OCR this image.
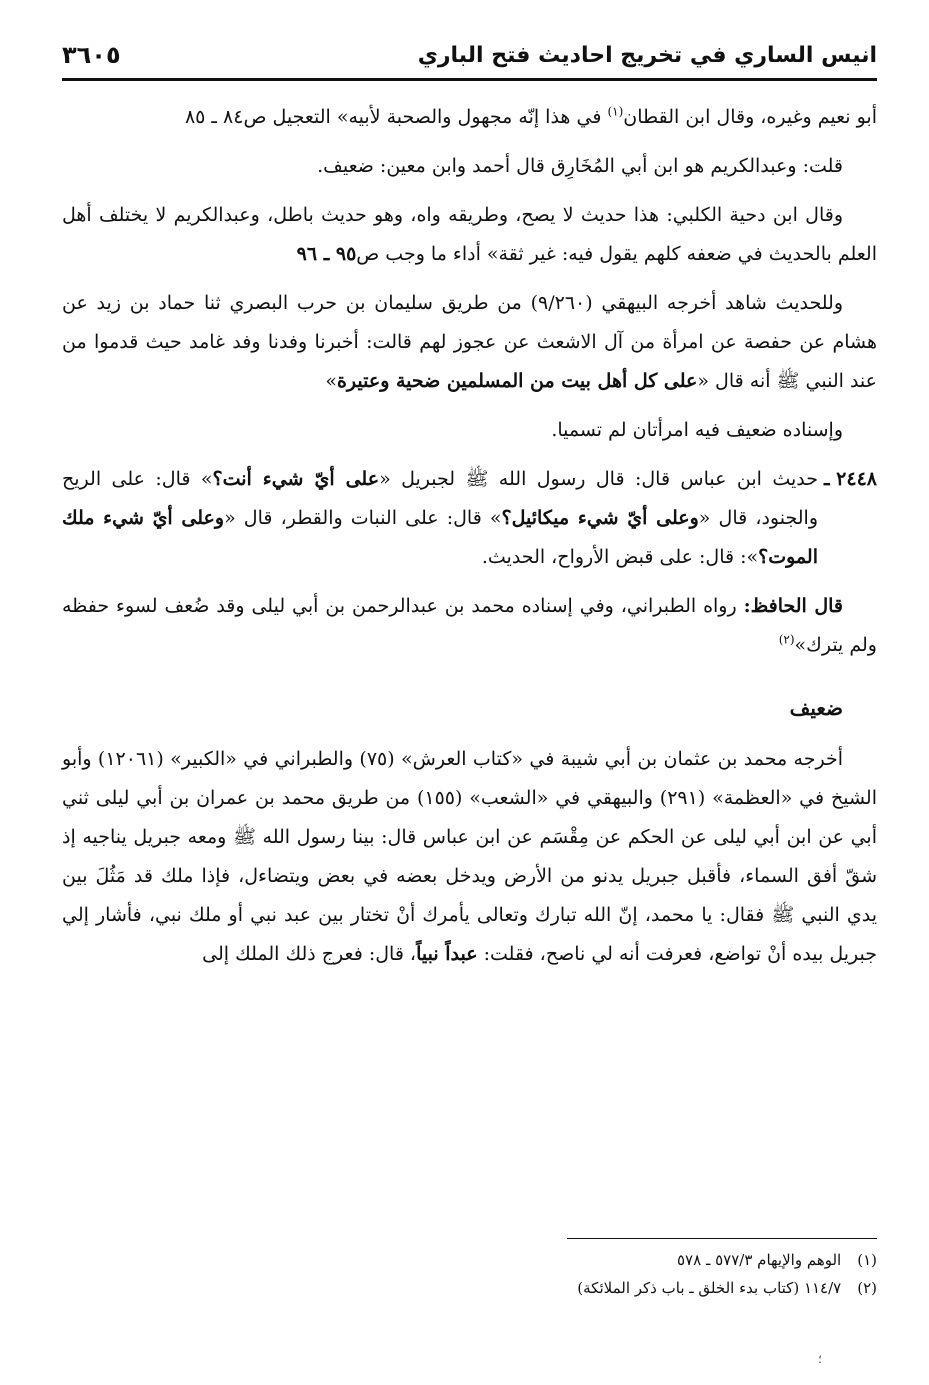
انيس الساري في تخريج احاديث فتح الباري
٣٦٠٥

أبو نعيم وغيره، وقال ابن القطان$^{(١)}$ في هذا إنّه مجهول والصحبة لأبيه» التعجيل ص٨٤ ـ ٨٥

قلت: وعبدالكريم هو ابن أبي المُخَارِق قال أحمد وابن معين: ضعيف.

وقال ابن دحية الكلبي: هذا حديث لا يصح، وطريقه واه، وهو حديث باطل، وعبدالكريم لا يختلف أهل العلم بالحديث في ضعفه كلهم يقول فيه: غير ثقة» أداء ما وجب ص٩٥ ـ ٩٦

وللحديث شاهد أخرجه البيهقي (٩/٢٦٠) من طريق سليمان بن حرب البصري ثنا حماد بن زيد عن هشام عن حفصة عن امرأة من آل الاشعث عن عجوز لهم قالت: أخبرنا وفدنا وفد غامد حيث قدموا من عند النبي ﷺ أنه قال «على كل أهل بيت من المسلمين ضحية وعتيرة»

وإسناده ضعيف فيه امرأتان لم تسميا.

٢٤٤٨ ـ
حديث ابن عباس قال: قال رسول الله ﷺ لجبريل «على أيّ شيء أنت؟» قال: على الريح والجنود، قال «وعلى أيّ شيء ميكائيل؟» قال: على النبات والقطر، قال «وعلى أيّ شيء ملك الموت؟»: قال: على قبض الأرواح، الحديث.

قال الحافظ: رواه الطبراني، وفي إسناده محمد بن عبدالرحمن بن أبي ليلى وقد ضُعف لسوء حفظه ولم يترك»$^{(٢)}$

ضعيف

أخرجه محمد بن عثمان بن أبي شيبة في «كتاب العرش» (٧٥) والطبراني في «الكبير» (١٢٠٦١) وأبو الشيخ في «العظمة» (٢٩١) والبيهقي في «الشعب» (١٥٥) من طريق محمد بن عمران بن أبي ليلى ثني أبي عن ابن أبي ليلى عن الحكم عن مِقْسَم عن ابن عباس قال: بينا رسول الله ﷺ ومعه جبريل يناجيه إذ شقّ أفق السماء، فأقبل جبريل يدنو من الأرض ويدخل بعضه في بعض ويتضاءل، فإذا ملك قد مَثُلَ بين يدي النبي ﷺ فقال: يا محمد، إنّ الله تبارك وتعالى يأمرك أنْ تختار بين عبد نبي أو ملك نبي، فأشار إلي جبريل بيده أنْ تواضع، فعرفت أنه لي ناصح، فقلت: عبداً نبياً، قال: فعرج ذلك الملك إلى

(١)
الوهم والإيهام ٥٧٧/٣ ـ ٥٧٨
(٢)
١١٤/٧ (كتاب بدء الخلق ـ باب ذكر الملائكة)
؛
